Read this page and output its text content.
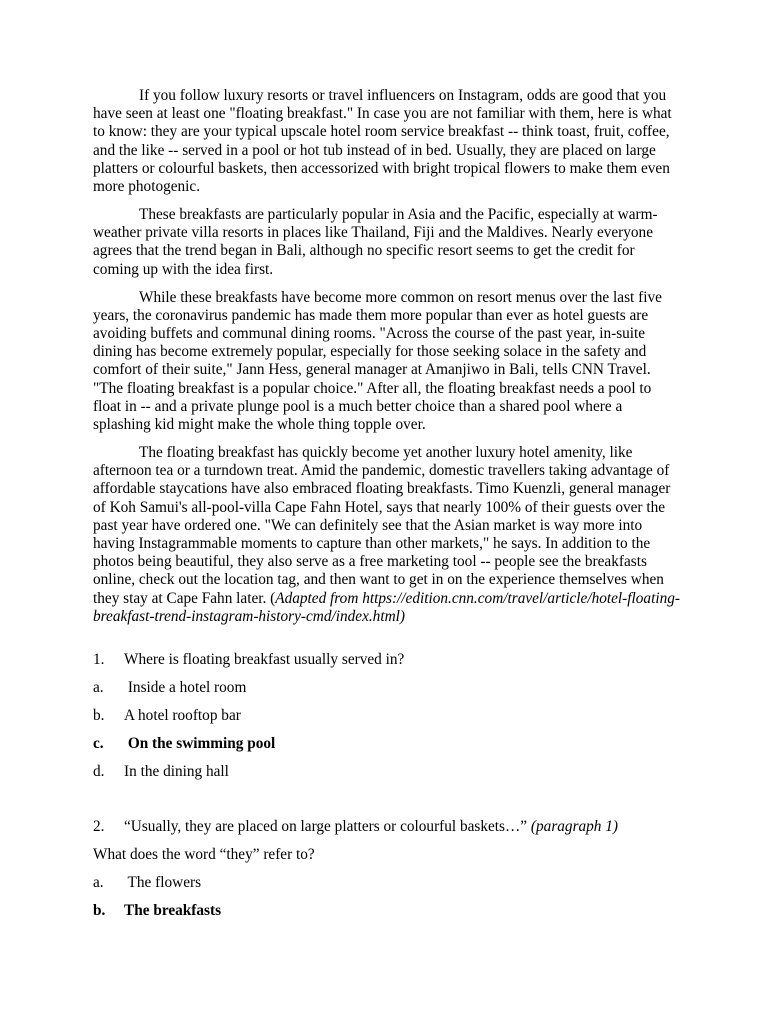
If you follow luxury resorts or travel influencers on Instagram, odds are good that you have seen at least one "floating breakfast." In case you are not familiar with them, here is what to know: they are your typical upscale hotel room service breakfast -- think toast, fruit, coffee, and the like -- served in a pool or hot tub instead of in bed. Usually, they are placed on large platters or colourful baskets, then accessorized with bright tropical flowers to make them even more photogenic.

These breakfasts are particularly popular in Asia and the Pacific, especially at warm-weather private villa resorts in places like Thailand, Fiji and the Maldives. Nearly everyone agrees that the trend began in Bali, although no specific resort seems to get the credit for coming up with the idea first.

While these breakfasts have become more common on resort menus over the last five years, the coronavirus pandemic has made them more popular than ever as hotel guests are avoiding buffets and communal dining rooms. "Across the course of the past year, in-suite dining has become extremely popular, especially for those seeking solace in the safety and comfort of their suite," Jann Hess, general manager at Amanjiwo in Bali, tells CNN Travel. "The floating breakfast is a popular choice." After all, the floating breakfast needs a pool to float in -- and a private plunge pool is a much better choice than a shared pool where a splashing kid might make the whole thing topple over.

The floating breakfast has quickly become yet another luxury hotel amenity, like afternoon tea or a turndown treat. Amid the pandemic, domestic travellers taking advantage of affordable staycations have also embraced floating breakfasts. Timo Kuenzli, general manager of Koh Samui's all-pool-villa Cape Fahn Hotel, says that nearly 100% of their guests over the past year have ordered one. "We can definitely see that the Asian market is way more into having Instagrammable moments to capture than other markets," he says. In addition to the photos being beautiful, they also serve as a free marketing tool -- people see the breakfasts online, check out the location tag, and then want to get in on the experience themselves when they stay at Cape Fahn later. (Adapted from https://edition.cnn.com/travel/article/hotel-floating-breakfast-trend-instagram-history-cmd/index.html)

1. Where is floating breakfast usually served in?
a. Inside a hotel room
b. A hotel rooftop bar
c. On the swimming pool
d. In the dining hall
2. “Usually, they are placed on large platters or colourful baskets…” (paragraph 1)
What does the word “they” refer to?
a. The flowers
b. The breakfasts
